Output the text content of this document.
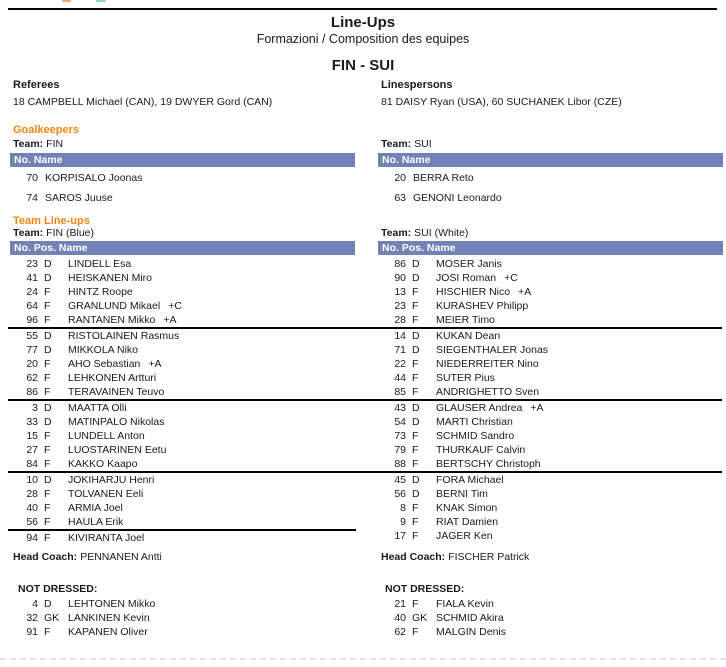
Line-Ups
Formazioni / Composition des equipes
FIN - SUI
Referees
18 CAMPBELL Michael (CAN), 19 DWYER Gord (CAN)
Linespersons
81 DAISY Ryan (USA), 60 SUCHANEK Libor (CZE)
Goalkeepers
Team: FIN	Team: SUI
No. Name	No. Name
70 KORPISALO Joonas
74 SAROS Juuse
20 BERRA Reto
63 GENONI Leonardo
Team Line-ups
Team: FIN (Blue)	Team: SUI (White)
No. Pos. Name	No. Pos. Name
23 D LINDELL Esa
41 D HEISKANEN Miro
24 F HINTZ Roope
64 F GRANLUND Mikael +C
96 F RANTANEN Mikko +A
55 D RISTOLAINEN Rasmus
77 D MIKKOLA Niko
20 F AHO Sebastian +A
62 F LEHKONEN Artturi
86 F TERAVAINEN Teuvo
3 D MAATTA Olli
33 D MATINPALO Nikolas
15 F LUNDELL Anton
27 F LUOSTARINEN Eetu
84 F KAKKO Kaapo
10 D JOKIHARJU Henri
28 F TOLVANEN Eeli
40 F ARMIA Joel
56 F HAULA Erik
94 F KIVIRANTA Joel
86 D MOSER Janis
90 D JOSI Roman +C
13 F HISCHIER Nico +A
23 F KURASHEV Philipp
28 F MEIER Timo
14 D KUKAN Dean
71 D SIEGENTHALER Jonas
22 F NIEDERREITER Nino
44 F SUTER Pius
85 F ANDRIGHETTO Sven
43 D GLAUSER Andrea +A
54 D MARTI Christian
73 F SCHMID Sandro
79 F THURKAUF Calvin
88 F BERTSCHY Christoph
45 D FORA Michael
56 D BERNI Tim
8 F KNAK Simon
9 F RIAT Damien
17 F JAGER Ken
Head Coach: PENNANEN Antti	Head Coach: FISCHER Patrick
NOT DRESSED:	NOT DRESSED:
4 D LEHTONEN Mikko
32 GK LANKINEN Kevin
91 F KAPANEN Oliver
21 F FIALA Kevin
40 GK SCHMID Akira
62 F MALGIN Denis
